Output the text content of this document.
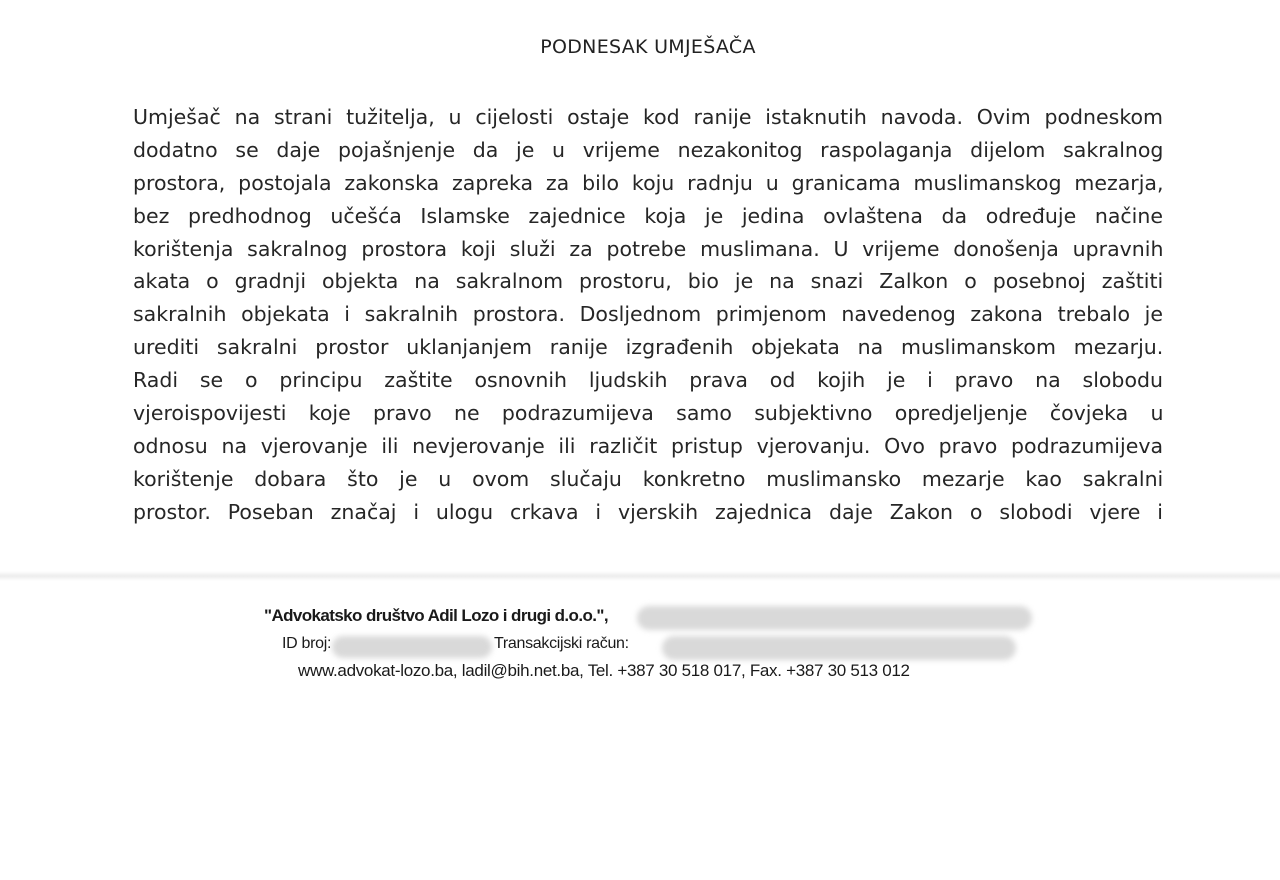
PODNESAK UMJEŠAČA
Umješač na strani tužitelja, u cijelosti ostaje kod ranije istaknutih navoda. Ovim podneskom
dodatno se daje pojašnjenje da je u vrijeme nezakonitog raspolaganja dijelom sakralnog
prostora, postojala zakonska zapreka za bilo koju radnju u granicama muslimanskog mezarja,
bez predhodnog učešća Islamske zajednice koja je jedina ovlaštena da određuje načine
korištenja sakralnog prostora koji služi za potrebe muslimana. U vrijeme donošenja upravnih
akata o gradnji objekta na sakralnom prostoru, bio je na snazi Zalkon o posebnoj zaštiti
sakralnih objekata i sakralnih prostora. Dosljednom primjenom navedenog zakona trebalo je
urediti sakralni prostor uklanjanjem ranije izgrađenih objekata na muslimanskom mezarju.
Radi se o principu zaštite osnovnih ljudskih prava od kojih je i pravo na slobodu
vjeroispovijesti koje pravo ne podrazumijeva samo subjektivno opredjeljenje čovjeka u
odnosu na vjerovanje ili nevjerovanje ili različit pristup vjerovanju. Ovo pravo podrazumijeva
korištenje dobara što je u ovom slučaju konkretno muslimansko mezarje kao sakralni
prostor. Poseban značaj i ulogu crkava i vjerskih zajednica daje Zakon o slobodi vjere i
"Advokatsko društvo Adil Lozo i drugi d.o.o.",
ID broj:	Transakcijski račun:
www.advokat-lozo.ba, ladil@bih.net.ba, Tel. +387 30 518 017, Fax. +387 30 513 012
